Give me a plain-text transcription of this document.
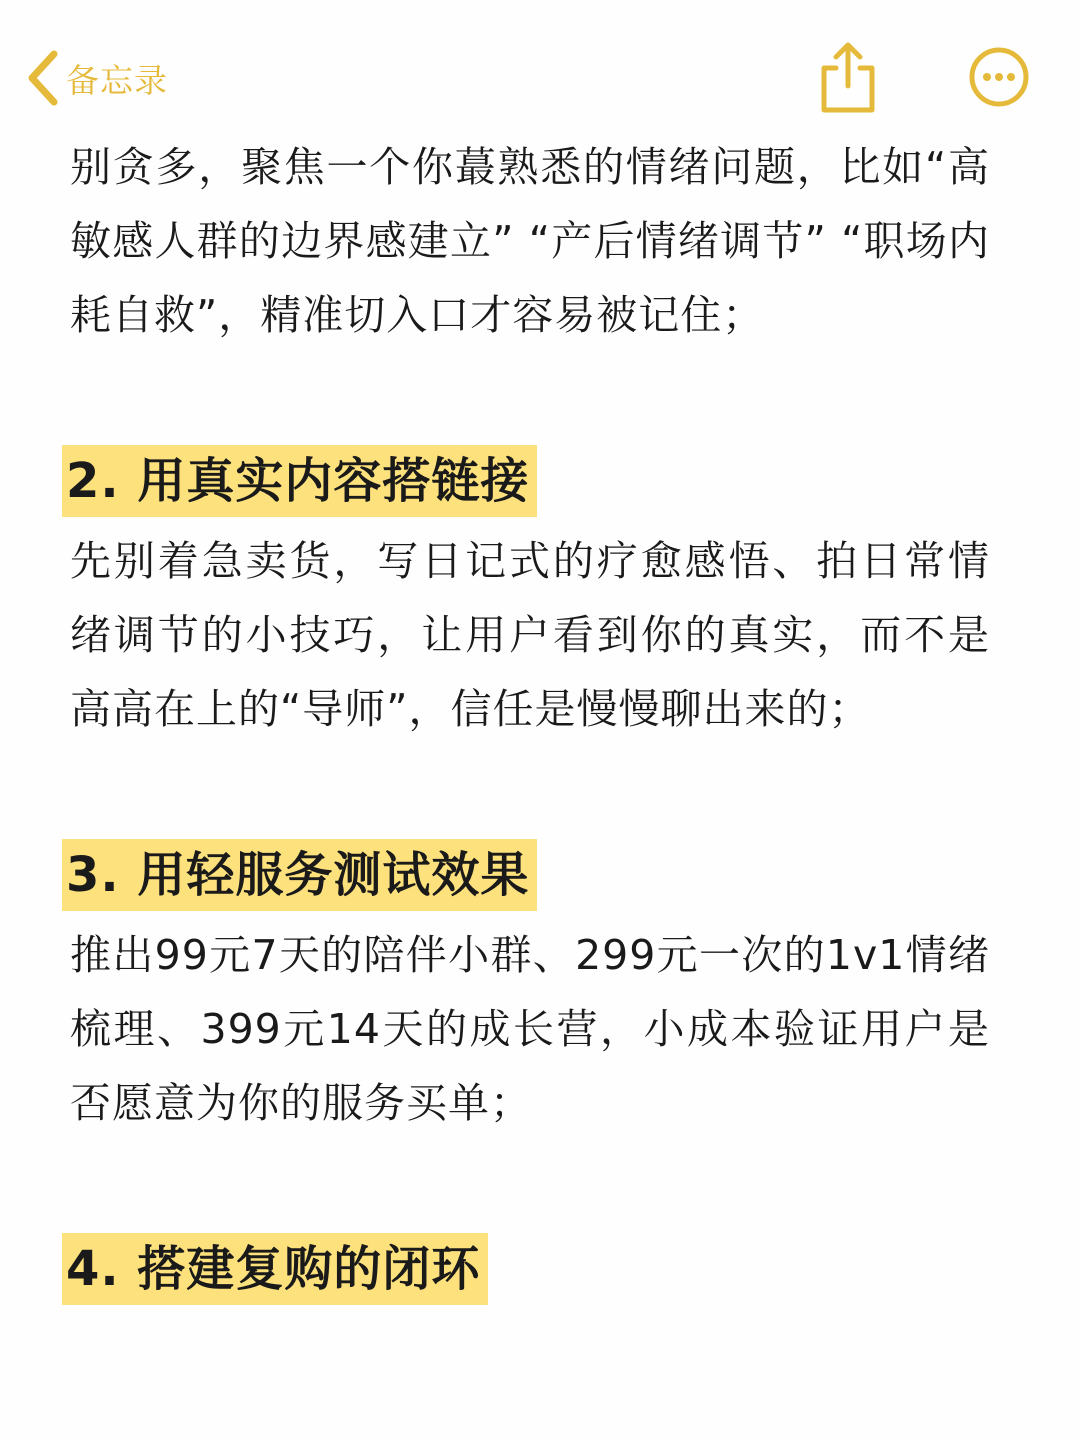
备忘录

别贪多，聚焦一个你蕞熟悉的情绪问题，比如“高敏感人群的边界感建立” “产后情绪调节” “职场内耗自救”，精准切入口才容易被记住；

2. 用真实内容搭链接

先别着急卖货，写日记式的疗愈感悟、拍日常情绪调节的小技巧，让用户看到你的真实，而不是高高在上的“导师”，信任是慢慢聊出来的；

3. 用轻服务测试效果

推出99元7天的陪伴小群、299元一次的1v1情绪梳理、399元14天的成长营，小成本验证用户是否愿意为你的服务买单；

4. 搭建复购的闭环
